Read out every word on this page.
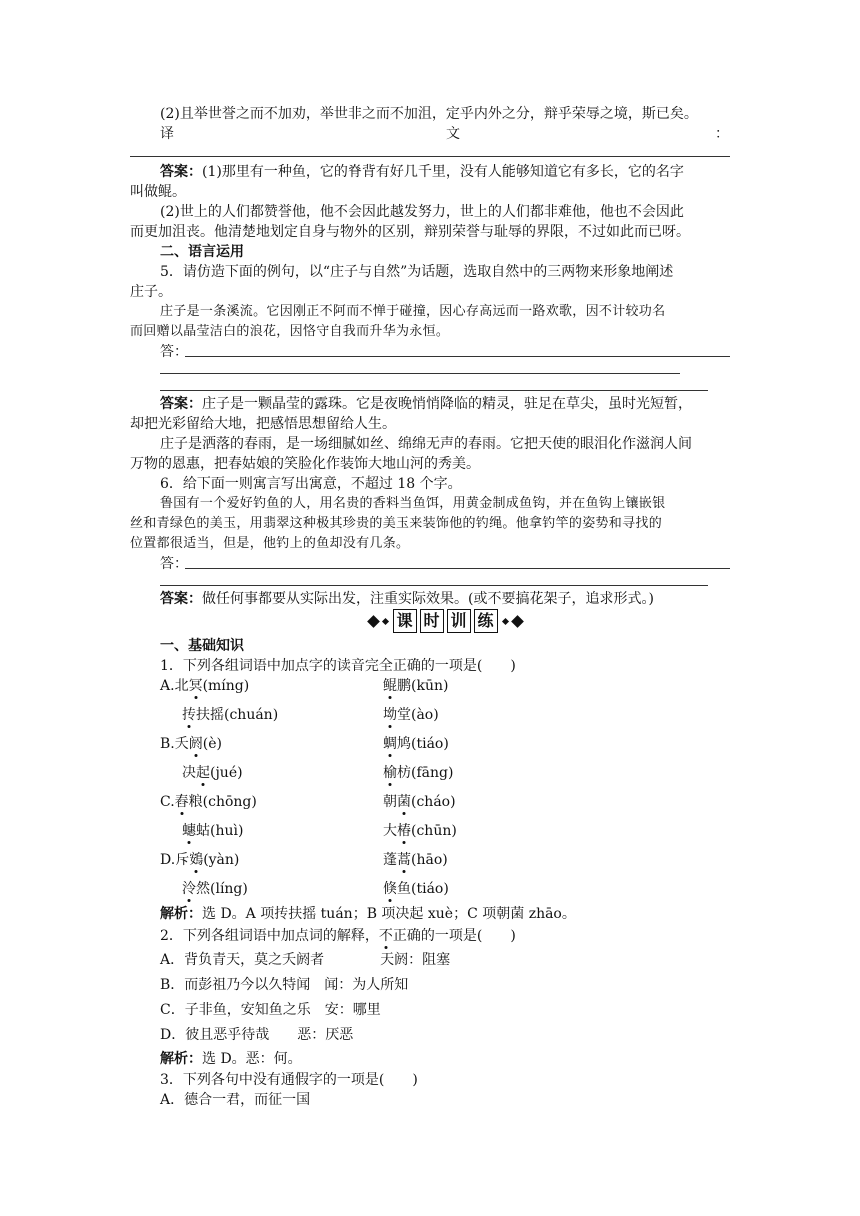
(2)且举世誉之而不加劝，举世非之而不加沮，定乎内外之分，辩乎荣辱之境，斯已矣。
译	文	：
答案：(1)那里有一种鱼，它的脊背有好几千里，没有人能够知道它有多长，它的名字
叫做鲲。
(2)世上的人们都赞誉他，他不会因此越发努力，世上的人们都非难他，他也不会因此
而更加沮丧。他清楚地划定自身与物外的区别，辩别荣誉与耻辱的界限，不过如此而已呀。
二、语言运用
5．请仿造下面的例句，以“庄子与自然”为话题，选取自然中的三两物来形象地阐述
庄子。
庄子是一条溪流。它因刚正不阿而不惮于碰撞，因心存高远而一路欢歌，因不计较功名
而回赠以晶莹洁白的浪花，因恪守自我而升华为永恒。
答：
答案：庄子是一颗晶莹的露珠。它是夜晚悄悄降临的精灵，驻足在草尖，虽时光短暂，
却把光彩留给大地，把感悟思想留给人生。
庄子是洒落的春雨，是一场细腻如丝、绵绵无声的春雨。它把天使的眼泪化作滋润人间
万物的恩惠，把春姑娘的笑脸化作装饰大地山河的秀美。
6．给下面一则寓言写出寓意，不超过 18 个字。
鲁国有一个爱好钓鱼的人，用名贵的香料当鱼饵，用黄金制成鱼钩，并在鱼钩上镶嵌银
丝和青绿色的美玉，用翡翠这种极其珍贵的美玉来装饰他的钓绳。他拿钓竿的姿势和寻找的
位置都很适当，但是，他钓上的鱼却没有几条。
答：
答案：做任何事都要从实际出发，注重实际效果。(或不要搞花架子，追求形式。)
课 时 训 练
一、基础知识
1．下列各组词语中加点字的读音完全正确的一项是(　　)
A.北冥(míng)	鲲鹏(kūn)
抟扶摇(chuán)	坳堂(ào)
B.夭阏(è)	蜩鸠(tiáo)
决起(jué)	榆枋(fāng)
C.舂粮(chōng)	朝菌(cháo)
蟪蛄(huì)	大椿(chūn)
D.斥鴳(yàn)	蓬蒿(hāo)
泠然(líng)	倏鱼(tiáo)
解析：选 D。A 项抟扶摇 tuán；B 项决起 xuè；C 项朝菌 zhāo。
2．下列各组词语中加点词的解释，不正确的一项是(　　)
A．背负青天，莫之夭阏者　　　　天阏：阻塞
B．而彭祖乃今以久特闻　闻：为人所知
C．子非鱼，安知鱼之乐　安：哪里
D．彼且恶乎待哉　　恶：厌恶
解析：选 D。恶：何。
3．下列各句中没有通假字的一项是(　　)
A．德合一君，而征一国
